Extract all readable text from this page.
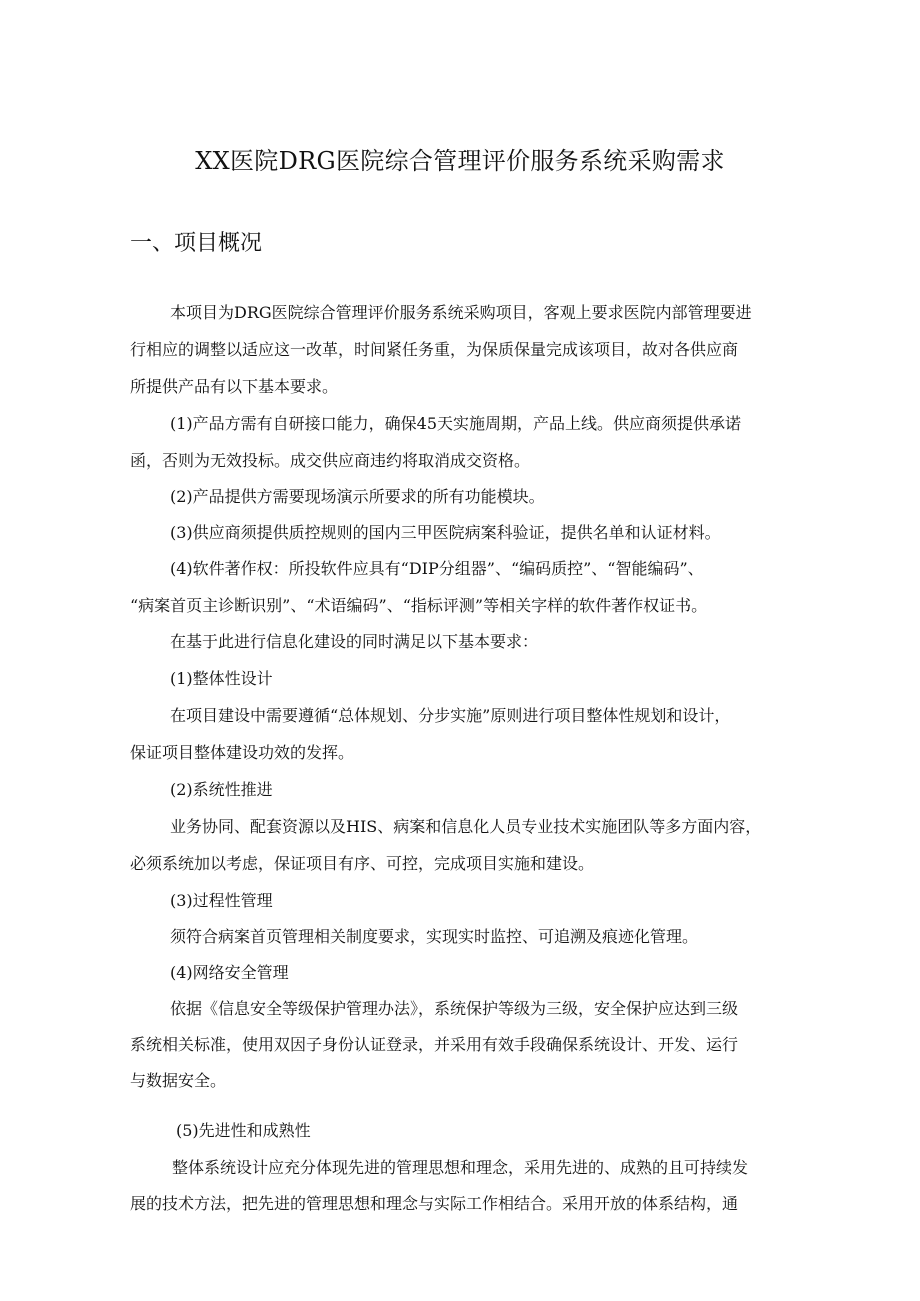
XX医院DRG医院综合管理评价服务系统采购需求
一、项目概况
本项目为DRG医院综合管理评价服务系统采购项目，客观上要求医院内部管理要进
行相应的调整以适应这一改革，时间紧任务重，为保质保量完成该项目，故对各供应商
所提供产品有以下基本要求。
(1)产品方需有自研接口能力，确保45天实施周期，产品上线。供应商须提供承诺
函，否则为无效投标。成交供应商违约将取消成交资格。
(2)产品提供方需要现场演示所要求的所有功能模块。
(3)供应商须提供质控规则的国内三甲医院病案科验证，提供名单和认证材料。
(4)软件著作权：所投软件应具有“DIP分组器”、“编码质控”、“智能编码”、
“病案首页主诊断识别”、“术语编码”、“指标评测”等相关字样的软件著作权证书。
在基于此进行信息化建设的同时满足以下基本要求：
(1)整体性设计
在项目建设中需要遵循“总体规划、分步实施”原则进行项目整体性规划和设计，
保证项目整体建设功效的发挥。
(2)系统性推进
业务协同、配套资源以及HIS、病案和信息化人员专业技术实施团队等多方面内容，
必须系统加以考虑，保证项目有序、可控，完成项目实施和建设。
(3)过程性管理
须符合病案首页管理相关制度要求，实现实时监控、可追溯及痕迹化管理。
(4)网络安全管理
依据《信息安全等级保护管理办法》，系统保护等级为三级，安全保护应达到三级
系统相关标准，使用双因子身份认证登录，并采用有效手段确保系统设计、开发、运行
与数据安全。
(5)先进性和成熟性
整体系统设计应充分体现先进的管理思想和理念，采用先进的、成熟的且可持续发
展的技术方法，把先进的管理思想和理念与实际工作相结合。采用开放的体系结构，通
